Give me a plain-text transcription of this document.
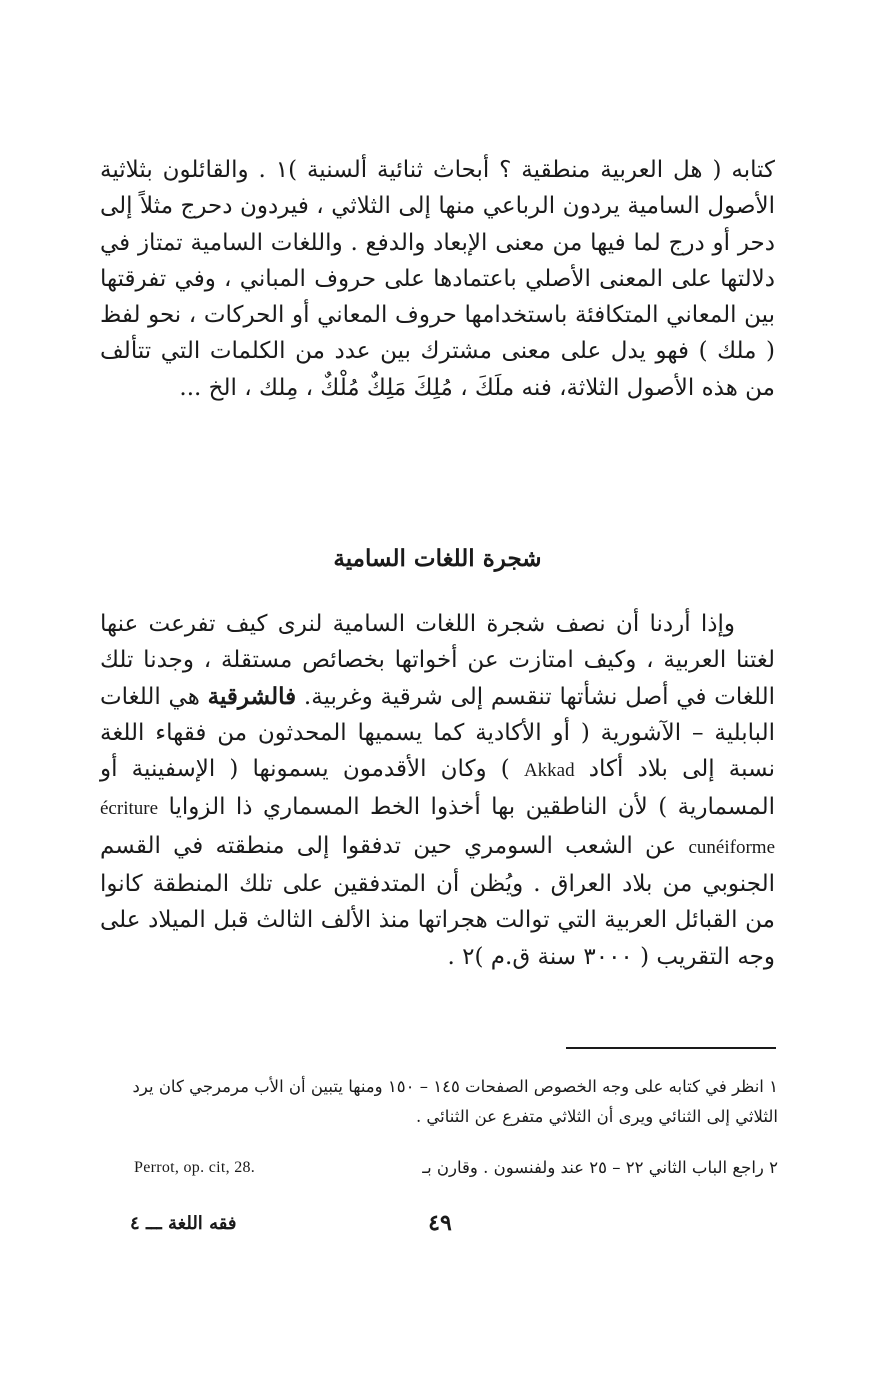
كتابه ( هل العربية منطقية ؟ أبحاث ثنائية ألسنية )١ . والقائلون بثلاثية الأصول السامية يردون الرباعي منها إلى الثلاثي ، فيردون دحرج مثلاً إلى دحر أو درج لما فيها من معنى الإبعاد والدفع . واللغات السامية تمتاز في دلالتها على المعنى الأصلي باعتمادها على حروف المباني ، وفي تفرقتها بين المعاني المتكافئة باستخدامها حروف المعاني أو الحركات ، نحو لفظ ( ملك ) فهو يدل على معنى مشترك بين عدد من الكلمات التي تتألف من هذه الأصول الثلاثة، فنه ملَكَ ، مُلِكَ مَلِكٌ مُلْكٌ ، مِلك ، الخ ...

شجرة اللغات السامية

وإذا أردنا أن نصف شجرة اللغات السامية لنرى كيف تفرعت عنها لغتنا العربية ، وكيف امتازت عن أخواتها بخصائص مستقلة ، وجدنا تلك اللغات في أصل نشأتها تنقسم إلى شرقية وغربية. فالشرقية هي اللغات البابلية – الآشورية ( أو الأكادية كما يسميها المحدثون من فقهاء اللغة نسبة إلى بلاد أكاد Akkad ) وكان الأقدمون يسمونها ( الإسفينية أو المسمارية ) لأن الناطقين بها أخذوا الخط المسماري ذا الزوايا écriture cunéiforme عن الشعب السومري حين تدفقوا إلى منطقته في القسم الجنوبي من بلاد العراق . ويُظن أن المتدفقين على تلك المنطقة كانوا من القبائل العربية التي توالت هجراتها منذ الألف الثالث قبل الميلاد على وجه التقريب ( ٣٠٠٠ سنة ق.م )٢ .

١ انظر في كتابه على وجه الخصوص الصفحات ١٤٥ – ١٥٠ ومنها يتبين أن الأب مرمرجي كان يرد الثلاثي إلى الثنائي ويرى أن الثلاثي متفرع عن الثنائي .
٢ راجع الباب الثاني ٢٢ – ٢٥ عند ولفنسون . وقارن بـ
Perrot, op. cit, 28.
٤٩
فقه اللغة ـــ ٤
